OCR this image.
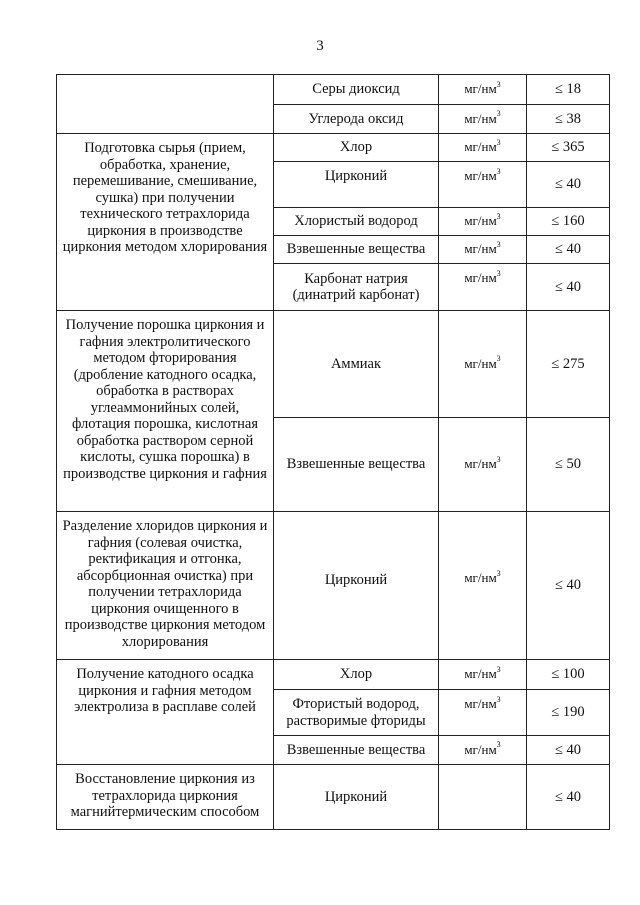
3
	Серы диоксид	$мг/нм^3$	≤ 18
	Углерода оксид	$мг/нм^3$	≤ 38

Подготовка сырья (прием, обработка, хранение, перемешивание, смешивание, сушка) при получении технического тетрахлорида циркония в производстве циркония методом хлорирования	Хлор	$мг/нм^3$	≤ 365
	Цирконий	$мг/нм^3$	≤ 40
	Хлористый водород	$мг/нм^3$	≤ 160
	Взвешенные вещества	$мг/нм^3$	≤ 40
	Карбонат натрия (динатрий карбонат)	$мг/нм^3$	≤ 40

Получение порошка циркония и гафния электролитического методом фторирования (дробление катодного осадка, обработка в растворах углеаммонийных солей, флотация порошка, кислотная обработка раствором серной кислоты, сушка порошка) в производстве циркония и гафния	Аммиак	$мг/нм^3$	≤ 275
	Взвешенные вещества	$мг/нм^3$	≤ 50

Разделение хлоридов циркония и гафния (солевая очистка, ректификация и отгонка, абсорбционная очистка) при получении тетрахлорида циркония очищенного в производстве циркония методом хлорирования	Цирконий	$мг/нм^3$	≤ 40

Получение катодного осадка циркония и гафния методом электролиза в расплаве солей	Хлор	$мг/нм^3$	≤ 100
	Фтористый водород, растворимые фториды	$мг/нм^3$	≤ 190
	Взвешенные вещества	$мг/нм^3$	≤ 40

Восстановление циркония из тетрахлорида циркония магнийтермическим способом	Цирконий		≤ 40
